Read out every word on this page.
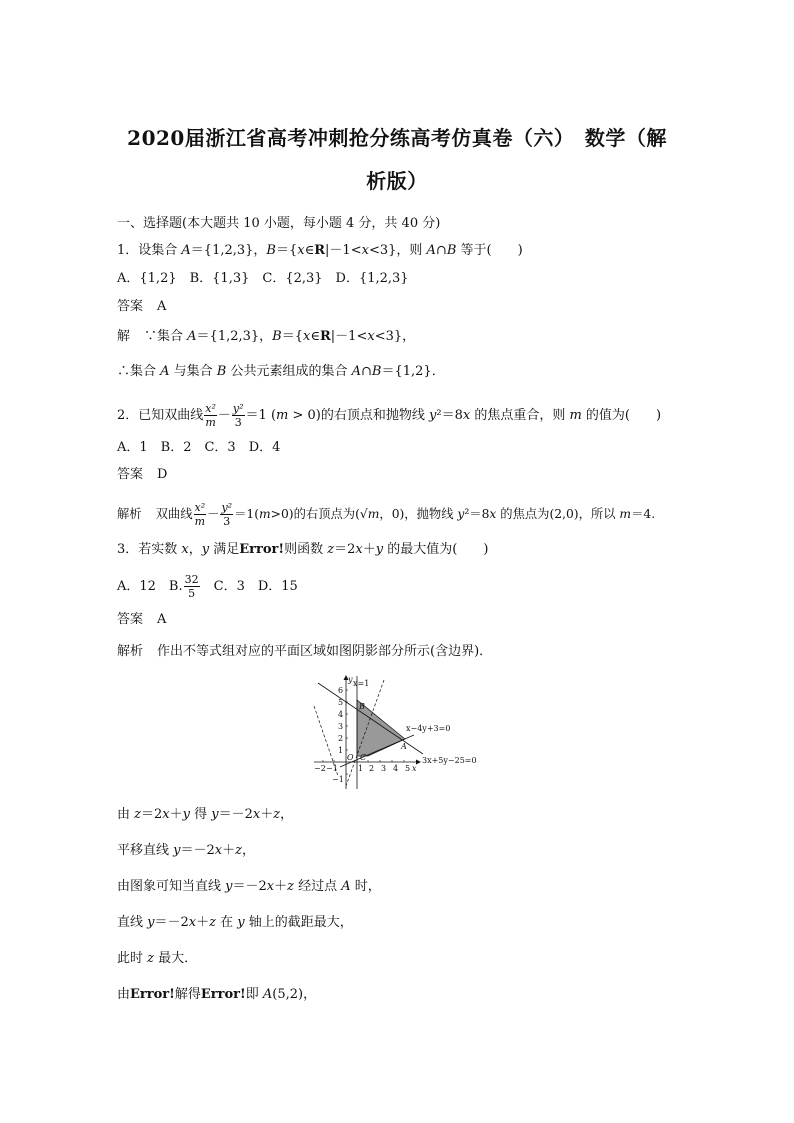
2020届浙江省高考冲刺抢分练高考仿真卷（六）　数学（解
析版）
一、选择题(本大题共 10 小题，每小题 4 分，共 40 分)
1．设集合 A＝{1,2,3}，B＝{x∈R|－1<x<3}，则 A∩B 等于(　　)
A．{1,2}　B．{1,3}　C．{2,3}　D．{1,2,3}
答案 A
解 ∵集合 A＝{1,2,3}，B＝{x∈R|－1<x<3}，
∴集合 A 与集合 B 公共元素组成的集合 A∩B＝{1,2}．
2．已知双曲线 $\frac{\text{x²}}{m} - \frac{\text{y²}}{3} =1$ (m > 0)的右顶点和抛物线 y²＝8x 的焦点重合，则 m 的值为(　　)
A．1　B．2　C．3　D．4
答案 D
解析 双曲线 $\frac{\text{x²}}{m} - \frac{\text{y²}}{3} =1(m>0)$的右顶点为(√m，0)，抛物线 y²＝8x 的焦点为(2,0)，所以 m＝4.
3．若实数 x，y 满足Error!则函数 z＝2x＋y 的最大值为(　　)
A．12　B. $\frac{32}{5}$ 　C．3　D．15
答案 A
解析 作出不等式组对应的平面区域如图阴影部分所示(含边界)．
6
5
4
3
2
1
−1
−2 −1	1 2 3 4 5
y
x
x=1
B
A
C
O
x−4y+3=0
3x+5y−25=0
由 z＝2x＋y 得 y＝－2x＋z，
平移直线 y＝－2x＋z，
由图象可知当直线 y＝－2x＋z 经过点 A 时，
直线 y＝－2x＋z 在 y 轴上的截距最大，
此时 z 最大．
由Error!解得Error!即 A(5,2)，
